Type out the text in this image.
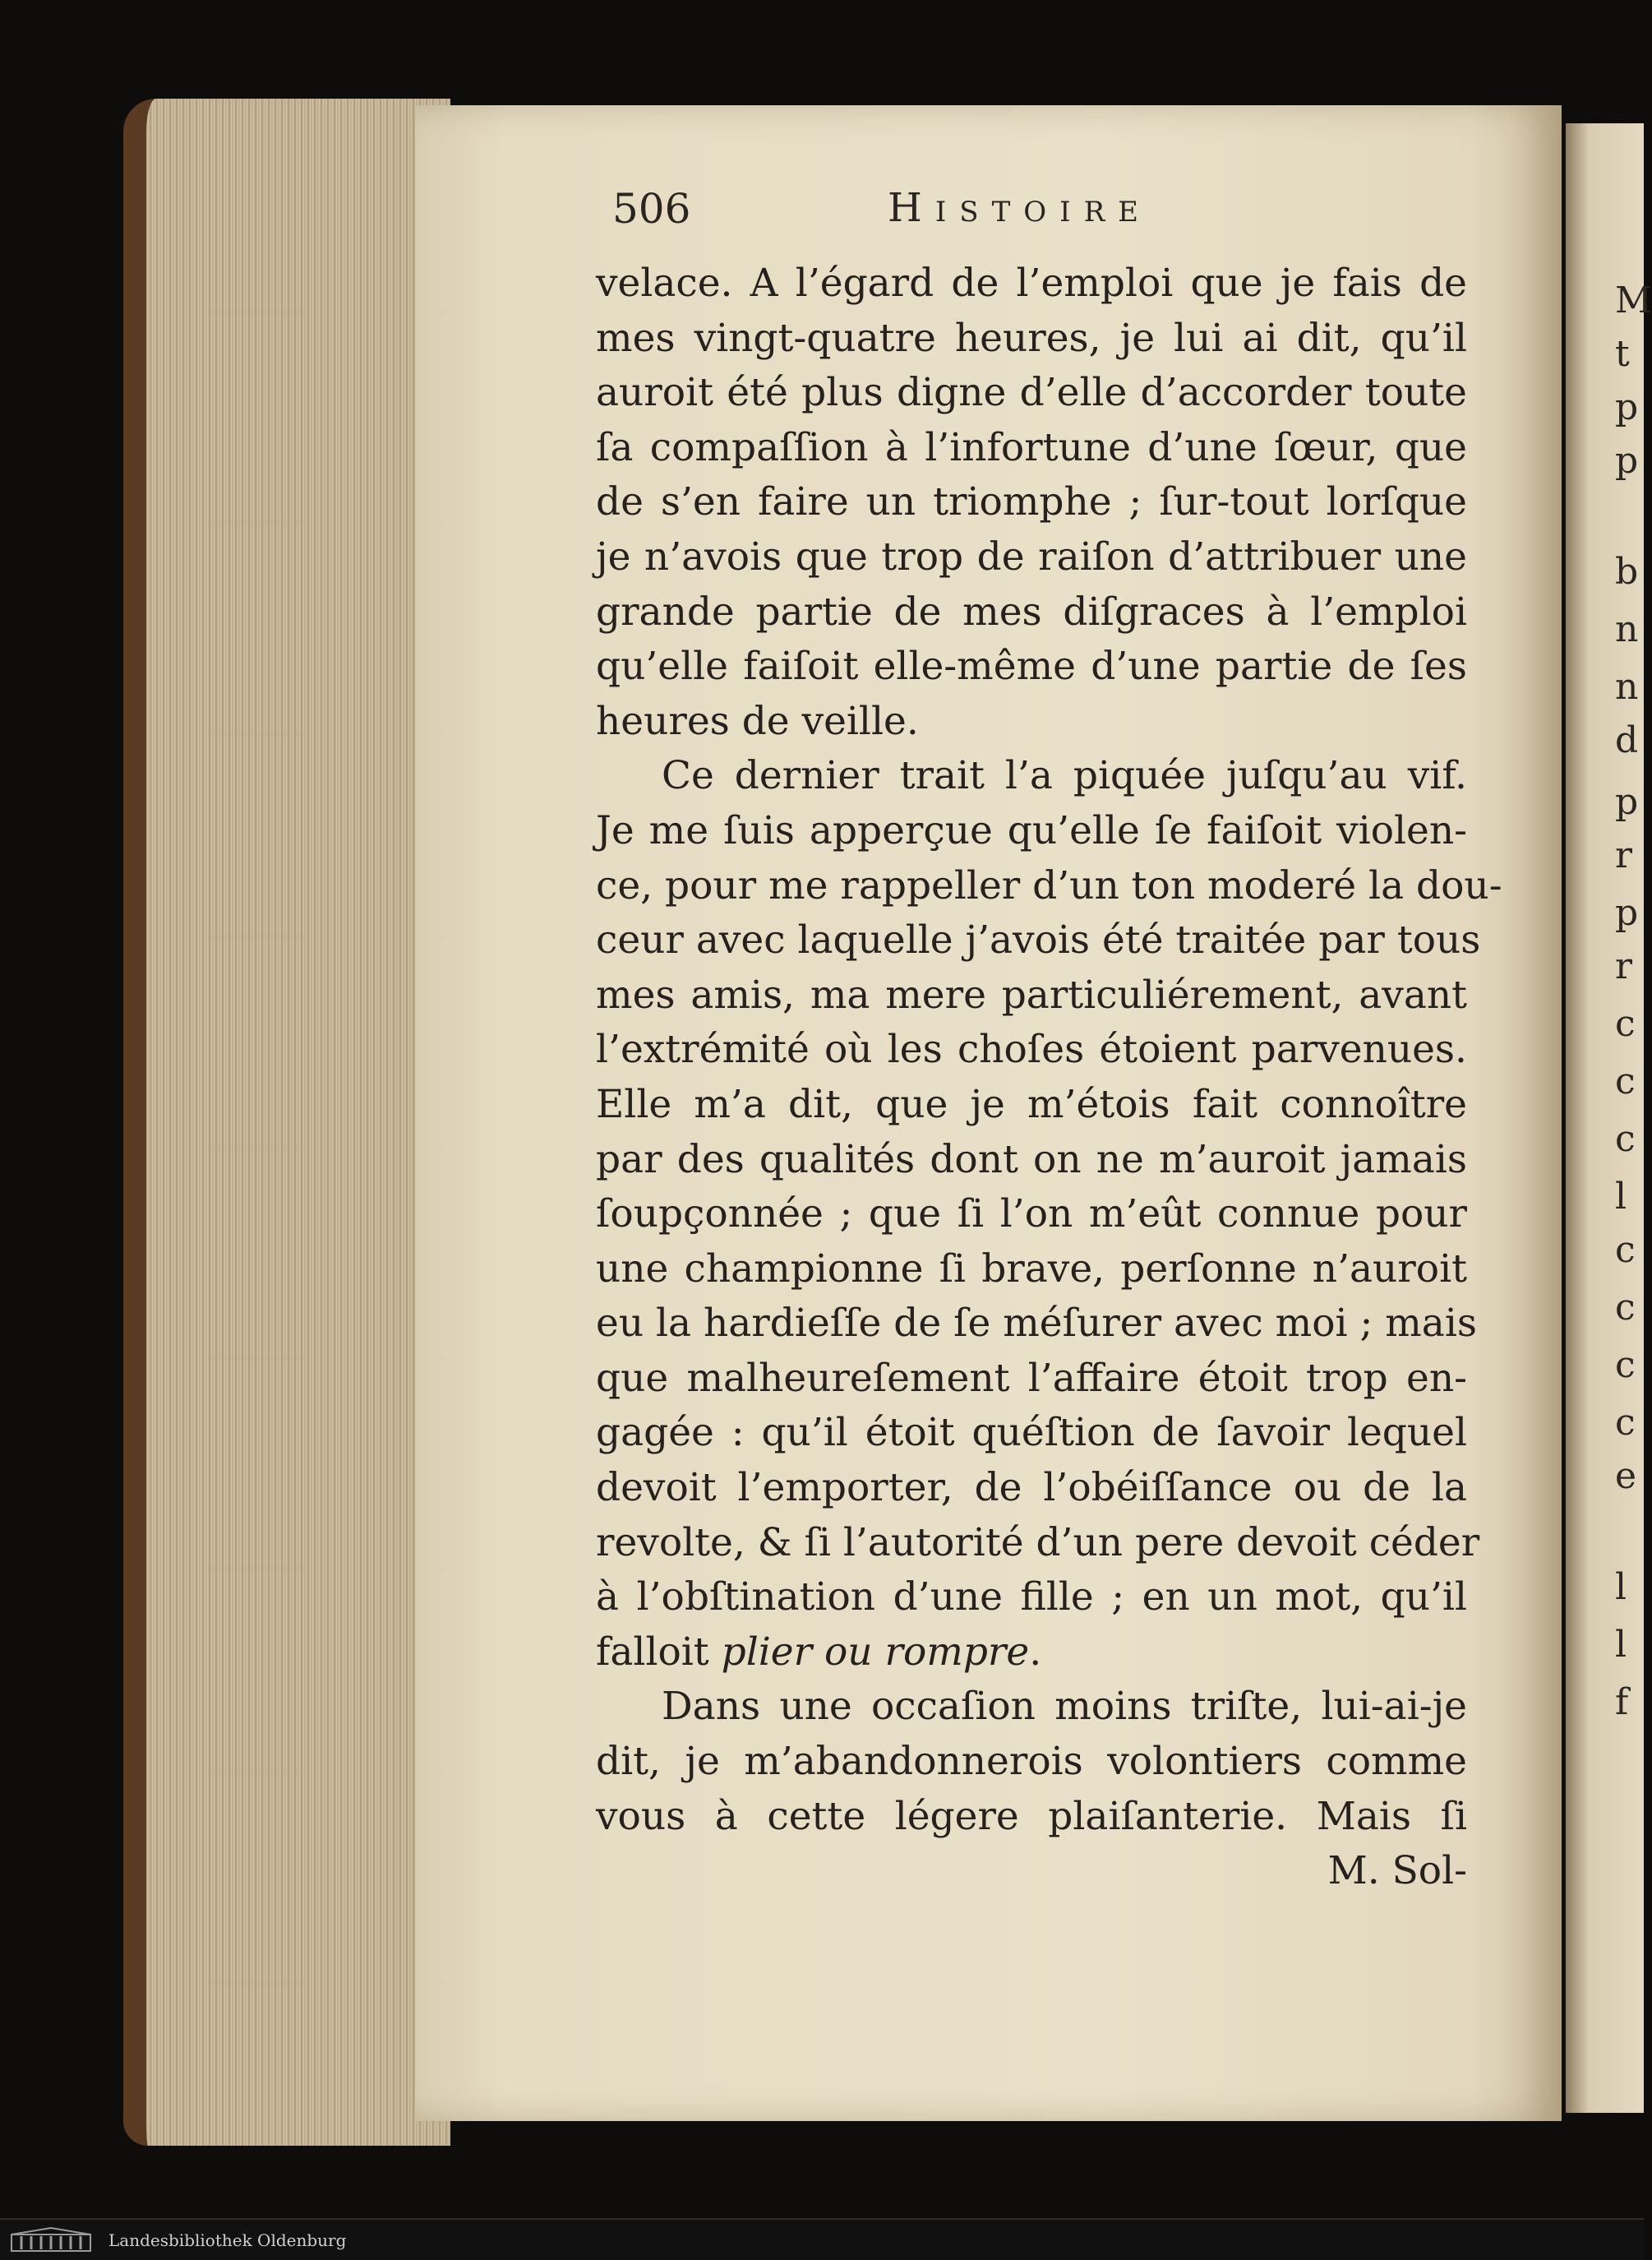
M
t
p
p
b
n
n
d
p
r
p
r
c
c
c
l
c
c
c
c
e
l
l
f
506	Histoire
velace. A l’égard de l’emploi que je fais de
mes vingt-quatre heures, je lui ai dit, qu’il
auroit été plus digne d’elle d’accorder toute
ſa compaſſion à l’infortune d’une ſœur, que
de s’en faire un triomphe ; ſur-tout lorſque
je n’avois que trop de raiſon d’attribuer une
grande partie de mes diſgraces à l’emploi
qu’elle faiſoit elle-même d’une partie de ſes
heures de veille.
Ce dernier trait l’a piquée juſqu’au vif.
Je me ſuis apperçue qu’elle ſe faiſoit violen-
ce, pour me rappeller d’un ton moderé la dou-
ceur avec laquelle j’avois été traitée par tous
mes amis, ma mere particuliérement, avant
l’extrémité où les choſes étoient parvenues.
Elle m’a dit, que je m’étois fait connoître
par des qualités dont on ne m’auroit jamais
ſoupçonnée ; que ſi l’on m’eût connue pour
une championne ſi brave, perſonne n’auroit
eu la hardieſſe de ſe méſurer avec moi ; mais
que malheureſement l’affaire étoit trop en-
gagée : qu’il étoit quéſtion de ſavoir lequel
devoit l’emporter, de l’obéiſſance ou de la
revolte, & ſi l’autorité d’un pere devoit céder
à l’obſtination d’une fille ; en un mot, qu’il
falloit plier ou rompre.
Dans une occaſion moins triſte, lui-ai-je
dit, je m’abandonnerois volontiers comme
vous à cette légere plaiſanterie. Mais ſi
M. Sol-
Landesbibliothek Oldenburg
